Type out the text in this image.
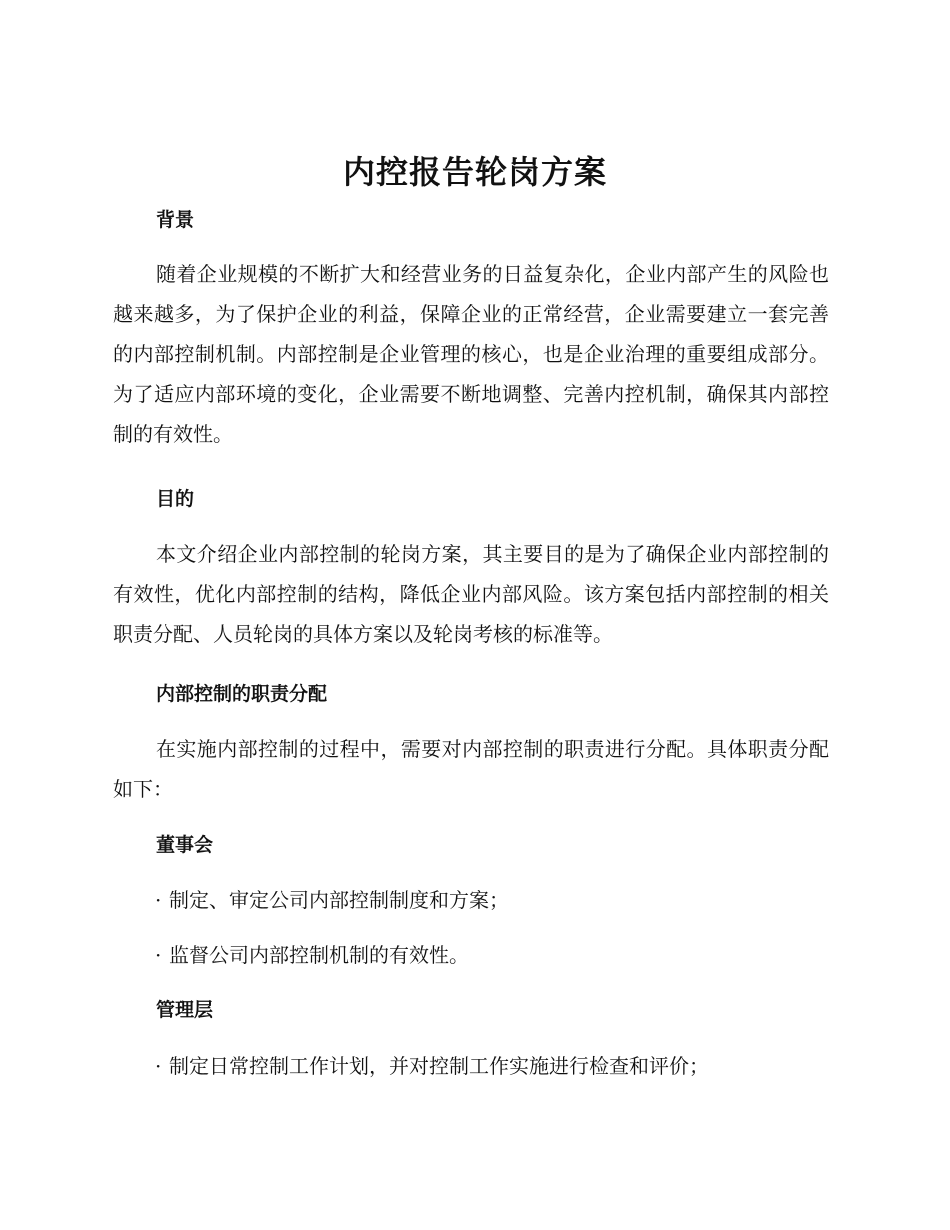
内控报告轮岗方案
背景

随着企业规模的不断扩大和经营业务的日益复杂化，企业内部产生的风险也越来越多，为了保护企业的利益，保障企业的正常经营，企业需要建立一套完善的内部控制机制。内部控制是企业管理的核心，也是企业治理的重要组成部分。为了适应内部环境的变化，企业需要不断地调整、完善内控机制，确保其内部控制的有效性。

目的

本文介绍企业内部控制的轮岗方案，其主要目的是为了确保企业内部控制的有效性，优化内部控制的结构，降低企业内部风险。该方案包括内部控制的相关职责分配、人员轮岗的具体方案以及轮岗考核的标准等。

内部控制的职责分配

在实施内部控制的过程中，需要对内部控制的职责进行分配。具体职责分配如下：

董事会

· 制定、审定公司内部控制制度和方案；

· 监督公司内部控制机制的有效性。

管理层

· 制定日常控制工作计划，并对控制工作实施进行检查和评价；
